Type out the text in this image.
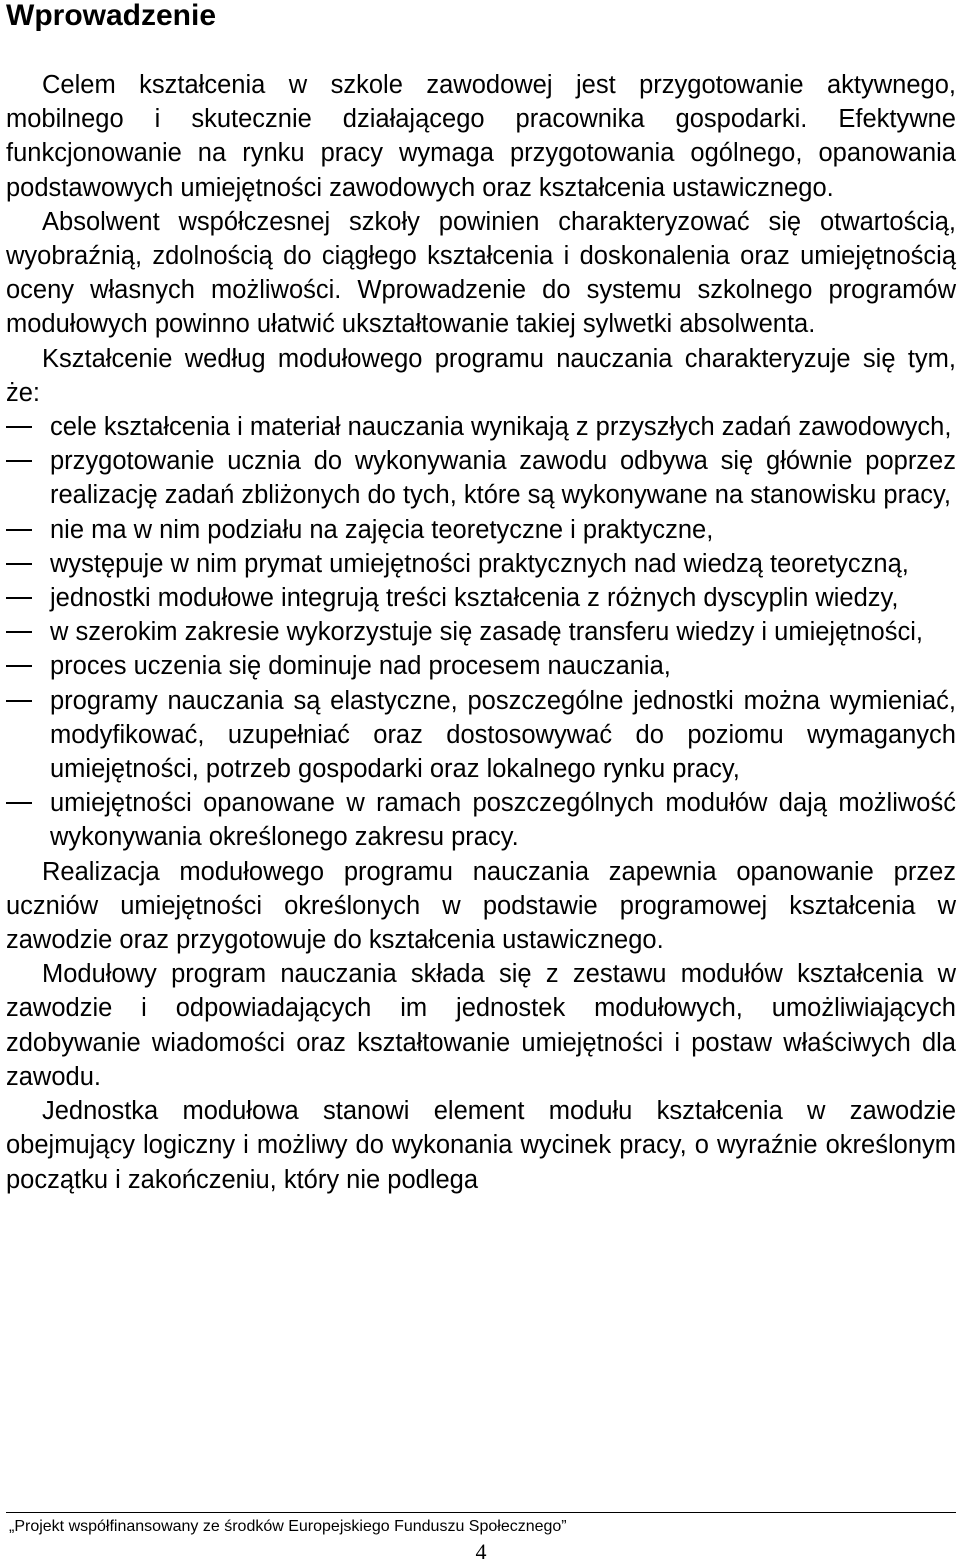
Wprowadzenie

Celem kształcenia w szkole zawodowej jest przygotowanie aktywnego, mobilnego i skutecznie działającego pracownika gospodarki. Efektywne funkcjonowanie na rynku pracy wymaga przygotowania ogólnego, opanowania podstawowych umiejętności zawodowych oraz kształcenia ustawicznego.

Absolwent współczesnej szkoły powinien charakteryzować się otwartością, wyobraźnią, zdolnością do ciągłego kształcenia i doskonalenia oraz umiejętnością oceny własnych możliwości. Wprowadzenie do systemu szkolnego programów modułowych powinno ułatwić ukształtowanie takiej sylwetki absolwenta.

Kształcenie według modułowego programu nauczania charakteryzuje się tym, że:

cele kształcenia i materiał nauczania wynikają z przyszłych zadań zawodowych,
przygotowanie ucznia do wykonywania zawodu odbywa się głównie poprzez realizację zadań zbliżonych do tych, które są wykonywane na stanowisku pracy,
nie ma w nim podziału na zajęcia teoretyczne i praktyczne,
występuje w nim prymat umiejętności praktycznych nad wiedzą teoretyczną,
jednostki modułowe integrują treści kształcenia z różnych dyscyplin wiedzy,
w szerokim zakresie wykorzystuje się zasadę transferu wiedzy i umiejętności,
proces uczenia się dominuje nad procesem nauczania,
programy nauczania są elastyczne, poszczególne jednostki można wymieniać, modyfikować, uzupełniać oraz dostosowywać do poziomu wymaganych umiejętności, potrzeb gospodarki oraz lokalnego rynku pracy,
umiejętności opanowane w ramach poszczególnych modułów dają możliwość wykonywania określonego zakresu pracy.

Realizacja modułowego programu nauczania zapewnia opanowanie przez uczniów umiejętności określonych w podstawie programowej kształcenia w zawodzie oraz przygotowuje do kształcenia ustawicznego.

Modułowy program nauczania składa się z zestawu modułów kształcenia w zawodzie i odpowiadających im jednostek modułowych, umożliwiających zdobywanie wiadomości oraz kształtowanie umiejętności i postaw właściwych dla zawodu.

Jednostka modułowa stanowi element modułu kształcenia w zawodzie obejmujący logiczny i możliwy do wykonania wycinek pracy, o wyraźnie określonym początku i zakończeniu, który nie podlega

„Projekt współfinansowany ze środków Europejskiego Funduszu Społecznego”
4
